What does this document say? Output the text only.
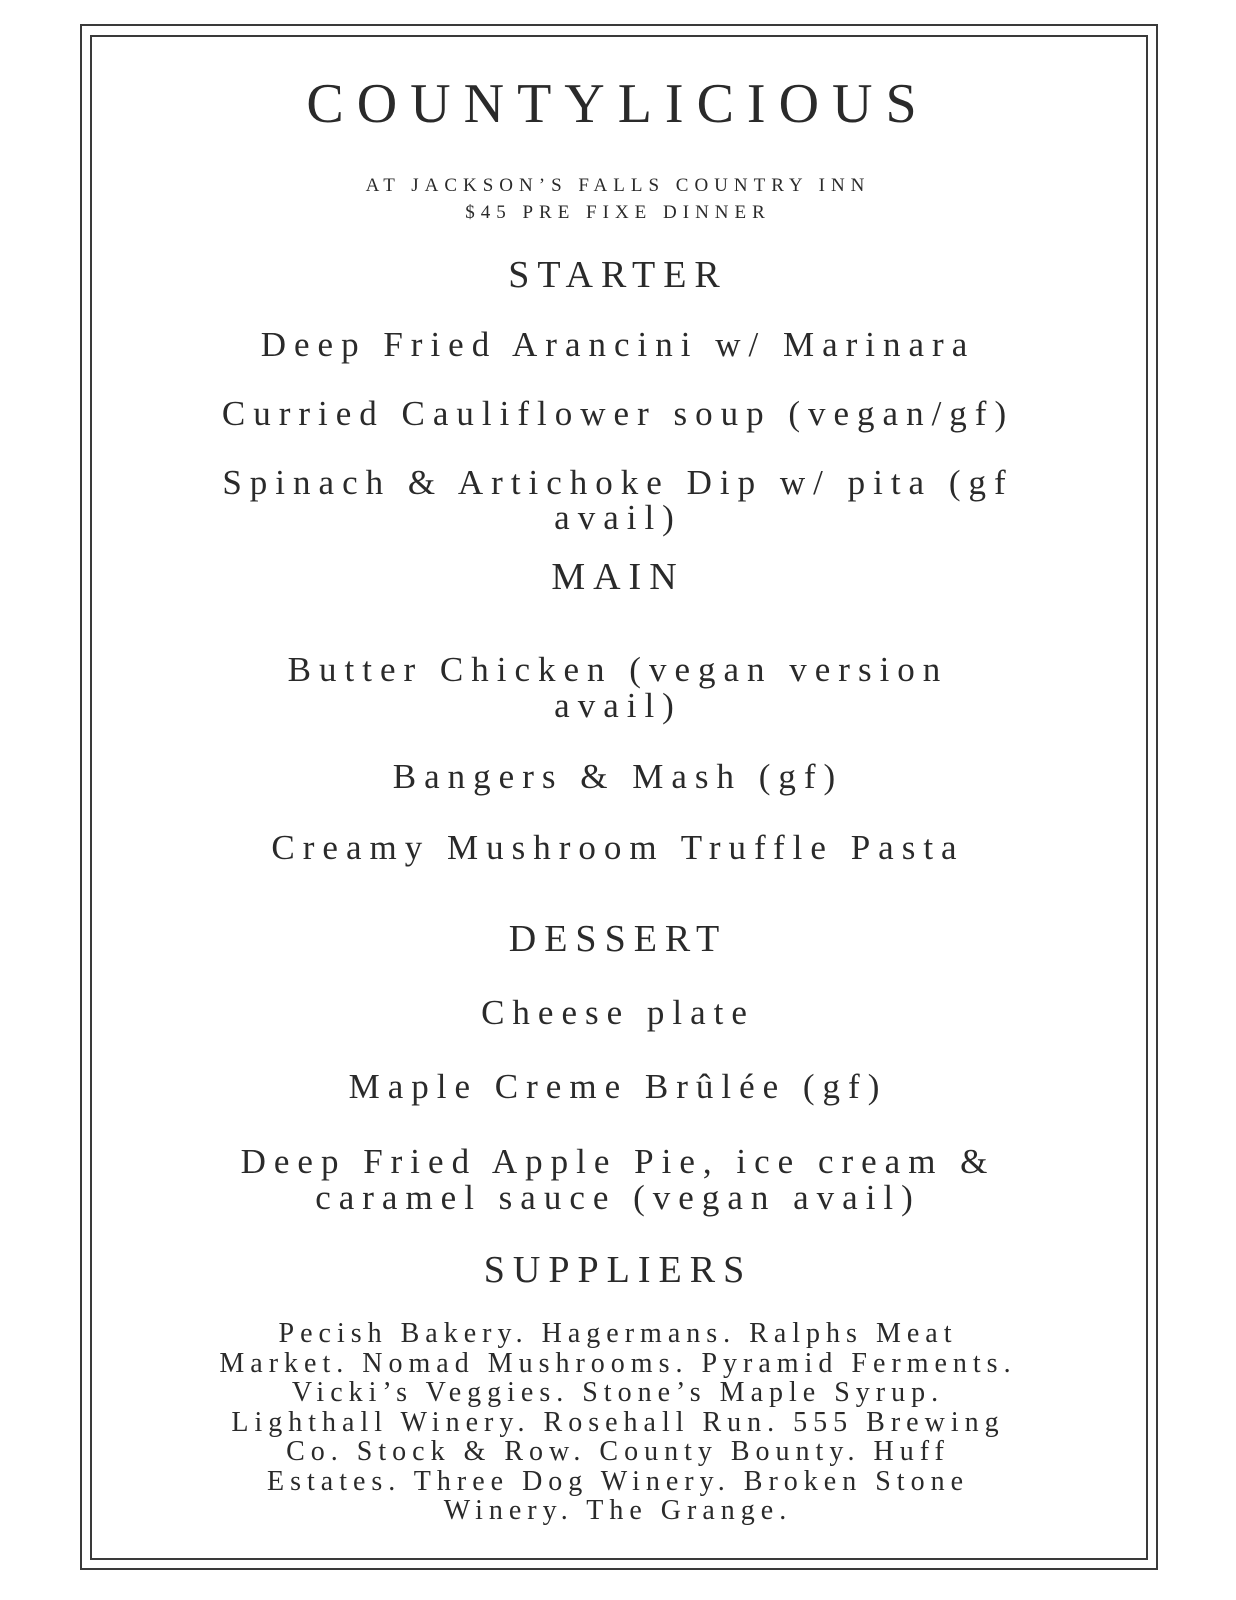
COUNTYLICIOUS

AT JACKSON’S FALLS COUNTRY INN

$45 PRE FIXE DINNER

STARTER

Deep Fried Arancini w/ Marinara

Curried Cauliflower soup (vegan/gf)

Spinach & Artichoke Dip w/ pita (gf

avail)

MAIN

Butter Chicken (vegan version

avail)

Bangers & Mash (gf)

Creamy Mushroom Truffle Pasta

DESSERT

Cheese plate

Maple Creme Brûlée (gf)

Deep Fried Apple Pie, ice cream &

caramel sauce (vegan avail)

SUPPLIERS

Pecish Bakery. Hagermans. Ralphs Meat

Market. Nomad Mushrooms. Pyramid Ferments.

Vicki’s Veggies. Stone’s Maple Syrup.

Lighthall Winery. Rosehall Run. 555 Brewing

Co. Stock & Row. County Bounty. Huff

Estates. Three Dog Winery. Broken Stone

Winery. The Grange.
